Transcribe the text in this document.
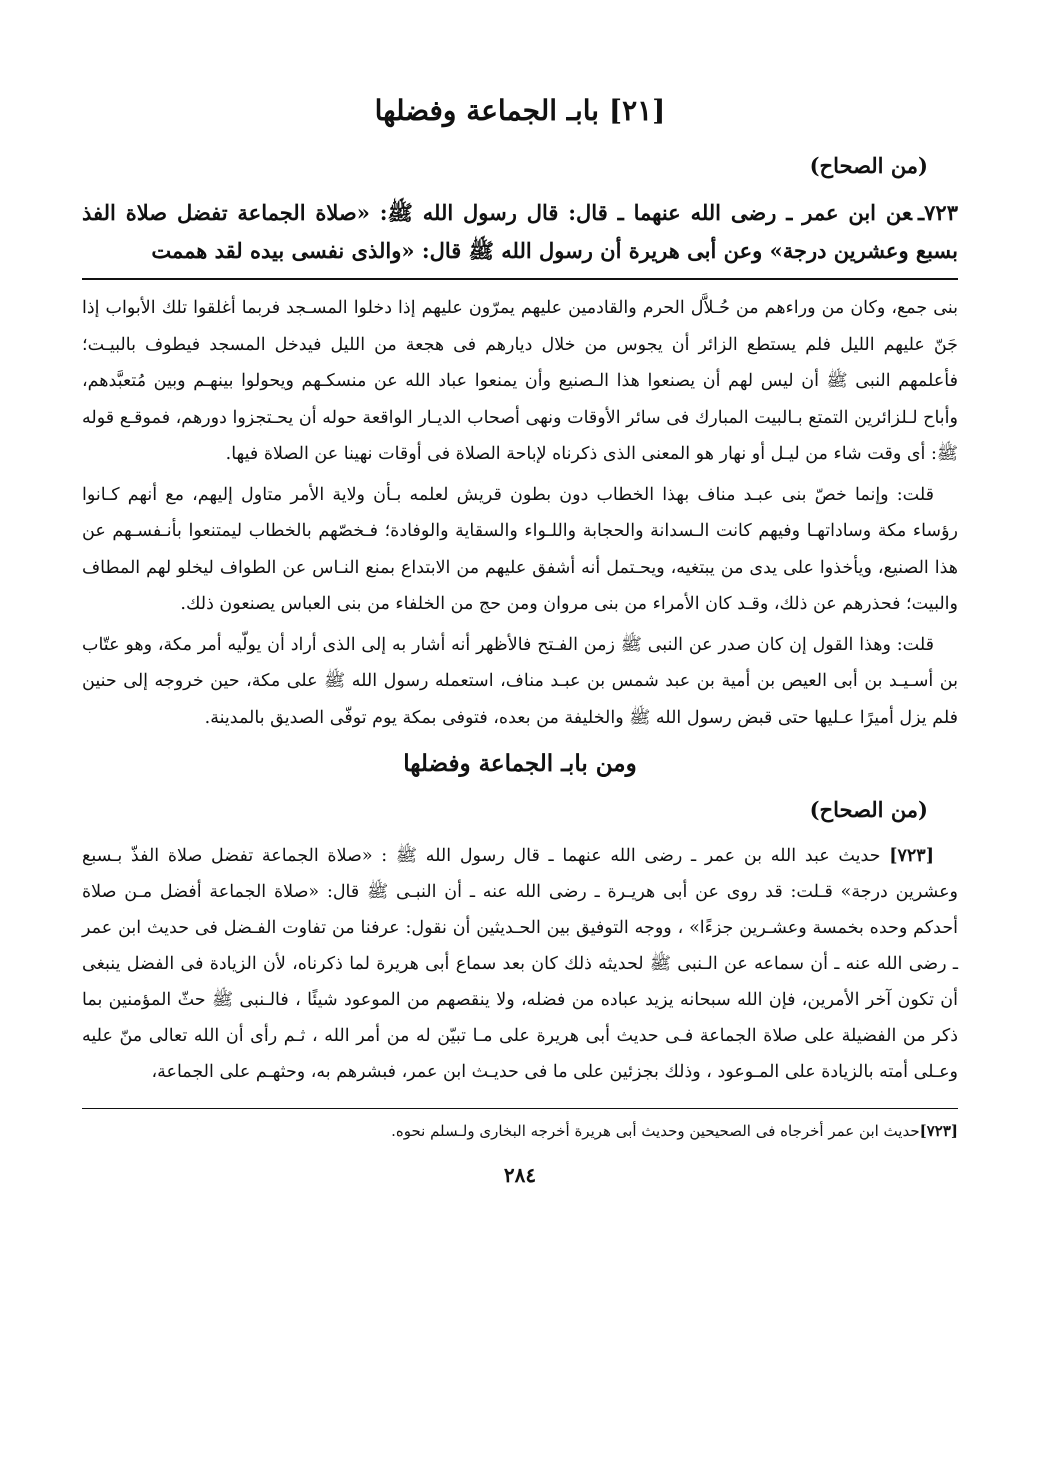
[٢١] بابـ الجماعة وفضلها
(من الصحاح)

٧٢٣ـعن ابن عمر ـ رضى الله عنهما ـ قال: قال رسول الله ﷺ: «صلاة الجماعة تفضل صلاة الفذ بسبع وعشرين درجة» وعن أبى هريرة أن رسول الله ﷺ قال: «والذى نفسى بيده لقد هممت

بنى جمع، وكان من وراءهم من حُـلاَّل الحرم والقادمين عليهم يمرّون عليهم إذا دخلوا المسـجد فربما أغلقوا تلك الأبواب إذا جَنّ عليهم الليل فلم يستطع الزائر أن يجوس من خلال ديارهم فى هجعة من الليل فيدخل المسجد فيطوف بالبيـت؛ فأعلمهم النبى ﷺ أن ليس لهم أن يصنعوا هذا الـصنيع وأن يمنعوا عباد الله عن منسكـهم ويحولوا بينهـم وبين مُتعبَّدهم، وأباح لـلزائرين التمتع بـالبيت المبارك فى سائر الأوقات ونهى أصحاب الديـار الواقعة حوله أن يحـتجزوا دورهم، فموقـع قوله ﷺ: أى وقت شاء من ليـل أو نهار هو المعنى الذى ذكرناه لإباحة الصلاة فى أوقات نهينا عن الصلاة فيها.

قلت: وإنما خصّ بنى عبـد مناف بهذا الخطاب دون بطون قريش لعلمه بـأن ولاية الأمر متاول إليهم، مع أنهم كـانوا رؤساء مكة وساداتهـا وفيهم كانت الـسدانة والحجابة واللـواء والسقاية والوفادة؛ فـخصّهم بالخطاب ليمتنعوا بأنـفسـهم عن هذا الصنيع، ويأخذوا على يدى من يبتغيه، ويحـتمل أنه أشفق عليهم من الابتداع بمنع النـاس عن الطواف ليخلو لهم المطاف والبيت؛ فحذرهم عن ذلك، وقـد كان الأمراء من بنى مروان ومن حج من الخلفاء من بنى العباس يصنعون ذلك.

قلت: وهذا القول إن كان صدر عن النبى ﷺ زمن الفـتح فالأظهر أنه أشار به إلى الذى أراد أن يولّيه أمر مكة، وهو عتّاب بن أسـيـد بن أبى العيص بن أمية بن عبد شمس بن عبـد مناف، استعمله رسول الله ﷺ على مكة، حين خروجه إلى حنين فلم يزل أميرًا عـليها حتى قبض رسول الله ﷺ والخليفة من بعده، فتوفى بمكة يوم توفّى الصديق بالمدينة.

ومن بابـ الجماعة وفضلها
(من الصحاح)

[٧٢٣] حديث عبد الله بن عمر ـ رضى الله عنهما ـ قال رسول الله ﷺ : «صلاة الجماعة تفضل صلاة الفذّ بـسبع وعشرين درجة» قـلت: قد روى عن أبى هريـرة ـ رضى الله عنه ـ أن النبـى ﷺ قال: «صلاة الجماعة أفضل مـن صلاة أحدكم وحده بخمسة وعشـرين جزءًا» ، ووجه التوفيق بين الحـديثين أن نقول: عرفنا من تفاوت الفـضل فى حديث ابن عمر ـ رضى الله عنه ـ أن سماعه عن الـنبى ﷺ لحديثه ذلك كان بعد سماع أبى هريرة لما ذكرناه، لأن الزيادة فى الفضل ينبغى أن تكون آخر الأمرين، فإن الله سبحانه يزيد عباده من فضله، ولا ينقصهم من الموعود شيئًا ، فالـنبى ﷺ حثّ المؤمنين بما ذكر من الفضيلة على صلاة الجماعة فـى حديث أبى هريرة على مـا تبيّن له من أمر الله ، ثـم رأى أن الله تعالى منّ عليه وعـلى أمته بالزيادة على المـوعود ، وذلك بجزئين على ما فى حديـث ابن عمر، فبشرهم به، وحثهـم على الجماعة،

[٧٢٣]حديث ابن عمر أخرجاه فى الصحيحين وحديث أبى هريرة أخرجه البخارى ولـسلم نحوه.

٢٨٤
